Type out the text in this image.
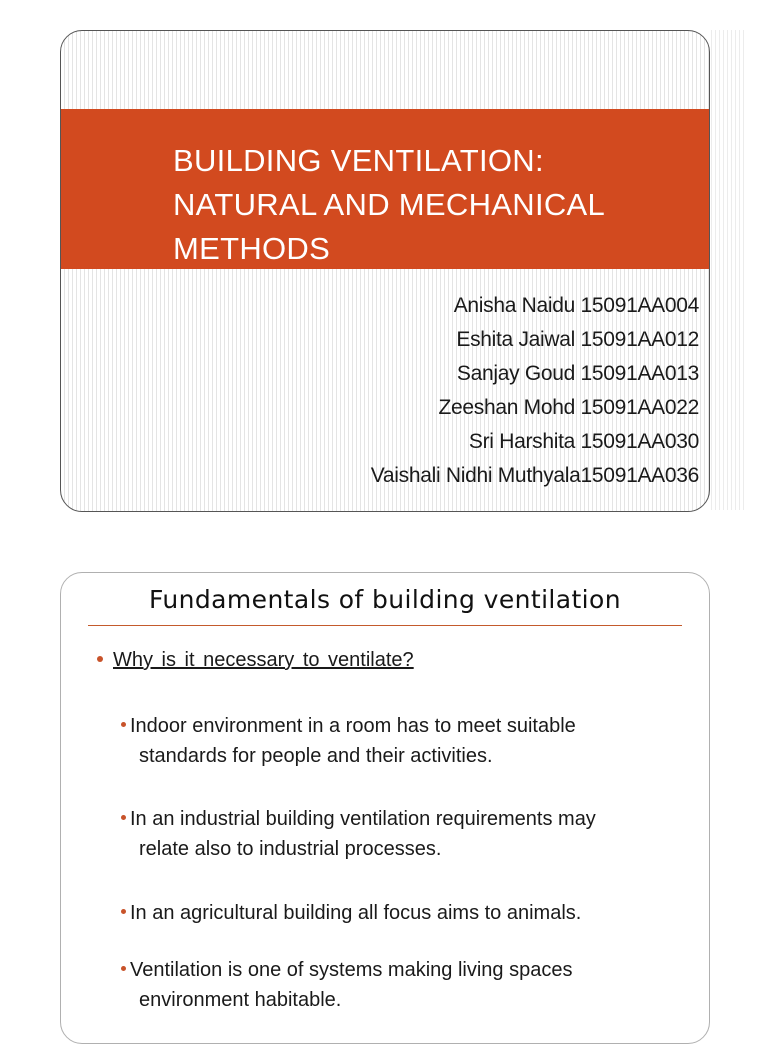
BUILDING VENTILATION:
NATURAL AND MECHANICAL
METHODS
Anisha Naidu 15091AA004
Eshita Jaiwal 15091AA012
Sanjay Goud 15091AA013
Zeeshan Mohd 15091AA022
Sri Harshita 15091AA030
Vaishali Nidhi Muthyala15091AA036
Fundamentals of building ventilation
Why is it necessary to ventilate?
Indoor environment in a room has to meet suitable
standards for people and their activities.
In an industrial building ventilation requirements may
relate also to industrial processes.
In an agricultural building all focus aims to animals.
Ventilation is one of systems making living spaces
environment habitable.
